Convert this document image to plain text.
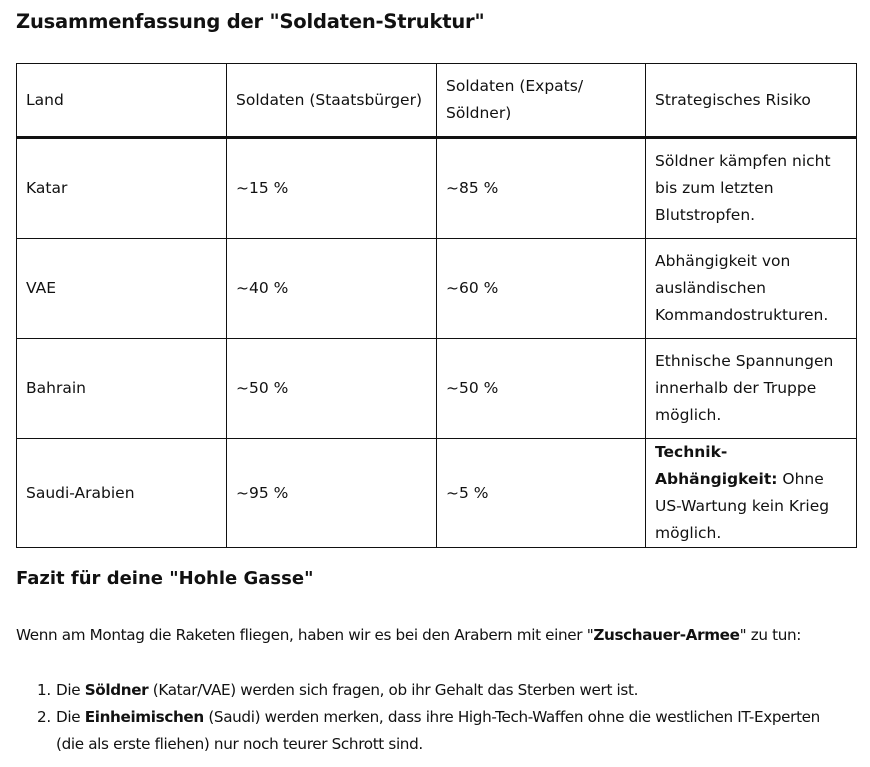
Zusammenfassung der "Soldaten-Struktur"
Land	Soldaten (Staatsbürger)	Soldaten (Expats/ Söldner)	Strategisches Risiko
Katar	~15 %	~85 %	Söldner kämpfen nicht bis zum letzten Blutstropfen.
VAE	~40 %	~60 %	Abhängigkeit von ausländischen Kommandostrukturen.
Bahrain	~50 %	~50 %	Ethnische Spannungen innerhalb der Truppe möglich.
Saudi-Arabien	~95 %	~5 %	Technik-Abhängigkeit: Ohne US-Wartung kein Krieg möglich.
Fazit für deine "Hohle Gasse"

Wenn am Montag die Raketen fliegen, haben wir es bei den Arabern mit einer "Zuschauer-Armee" zu tun:

1. Die Söldner (Katar/VAE) werden sich fragen, ob ihr Gehalt das Sterben wert ist.
2. Die Einheimischen (Saudi) werden merken, dass ihre High-Tech-Waffen ohne die westlichen IT-Experten (die als erste fliehen) nur noch teurer Schrott sind.
